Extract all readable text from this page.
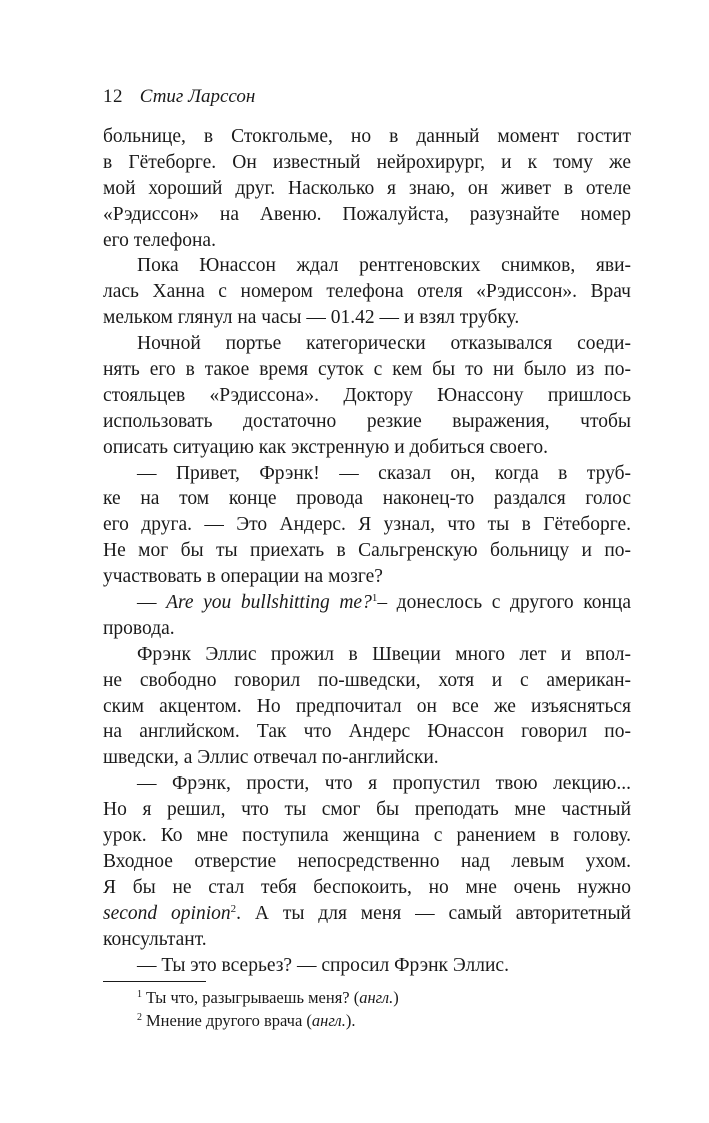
12 Стиг Ларссон
больнице, в Стокгольме, но в данный момент гостит
в Гётеборге. Он известный нейрохирург, и к тому же
мой хороший друг. Насколько я знаю, он живет в отеле
«Рэдиссон» на Авеню. Пожалуйста, разузнайте номер
его телефона.
Пока Юнассон ждал рентгеновских снимков, яви-
лась Ханна с номером телефона отеля «Рэдиссон». Врач
мельком глянул на часы — 01.42 — и взял трубку.
Ночной портье категорически отказывался соеди-
нять его в такое время суток с кем бы то ни было из по-
стояльцев «Рэдиссона». Доктору Юнассону пришлось
использовать достаточно резкие выражения, чтобы
описать ситуацию как экстренную и добиться своего.
— Привет, Фрэнк! — сказал он, когда в труб-
ке на том конце провода наконец-то раздался голос
его друга. — Это Андерс. Я узнал, что ты в Гётеборге.
Не мог бы ты приехать в Сальгренскую больницу и по-
участвовать в операции на мозге?
— Are you bullshitting me?$^1$– донеслось с другого конца
провода.
Фрэнк Эллис прожил в Швеции много лет и впол-
не свободно говорил по-шведски, хотя и с американ-
ским акцентом. Но предпочитал он все же изъясняться
на английском. Так что Андерс Юнассон говорил по-
шведски, а Эллис отвечал по-английски.
— Фрэнк, прости, что я пропустил твою лекцию...
Но я решил, что ты смог бы преподать мне частный
урок. Ко мне поступила женщина с ранением в голову.
Входное отверстие непосредственно над левым ухом.
Я бы не стал тебя беспокоить, но мне очень нужно
second opinion$^2$. А ты для меня — самый авторитетный
консультант.
— Ты это всерьез? — спросил Фрэнк Эллис.
$^1$ Ты что, разыгрываешь меня? (англ.)
$^2$ Мнение другого врача (англ.).
